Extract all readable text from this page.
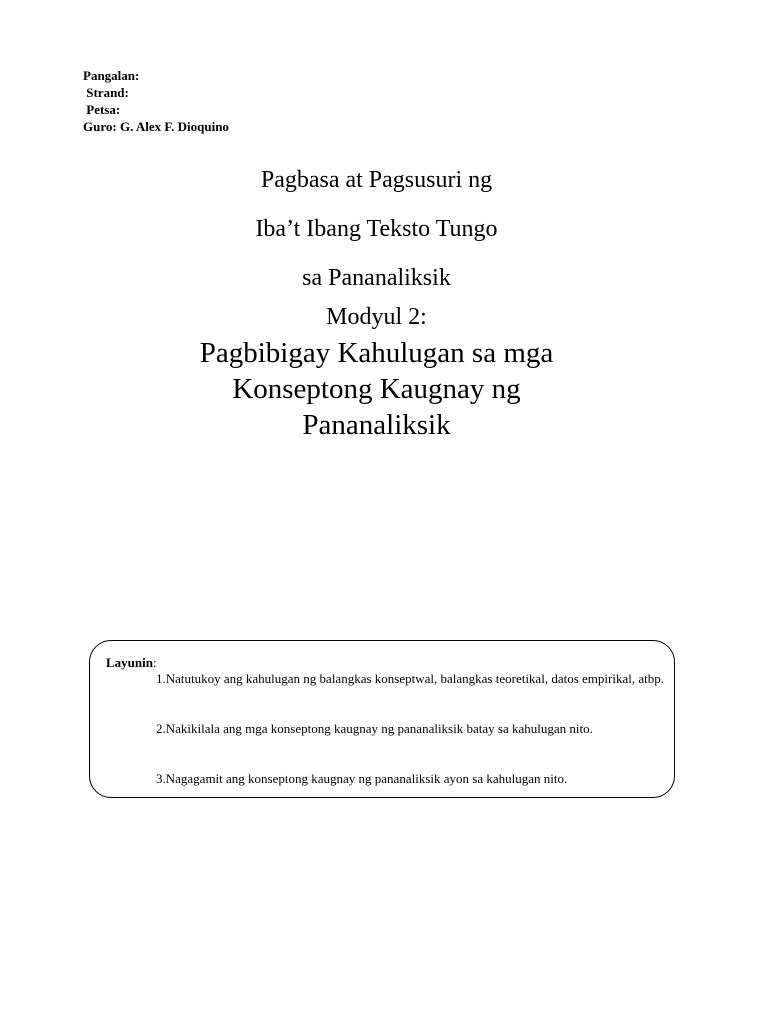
Pangalan:
Strand:
Petsa:
Guro: G. Alex F. Dioquino
Pagbasa at Pagsusuri ng
Iba’t Ibang Teksto Tungo
sa Pananaliksik
Modyul 2:
Pagbibigay Kahulugan sa mga
Konseptong Kaugnay ng
Pananaliksik
Layunin:
1.Natutukoy ang kahulugan ng balangkas konseptwal, balangkas teoretikal, datos empirikal, atbp.
2.Nakikilala ang mga konseptong kaugnay ng pananaliksik batay sa kahulugan nito.
3.Nagagamit ang konseptong kaugnay ng pananaliksik ayon sa kahulugan nito.
